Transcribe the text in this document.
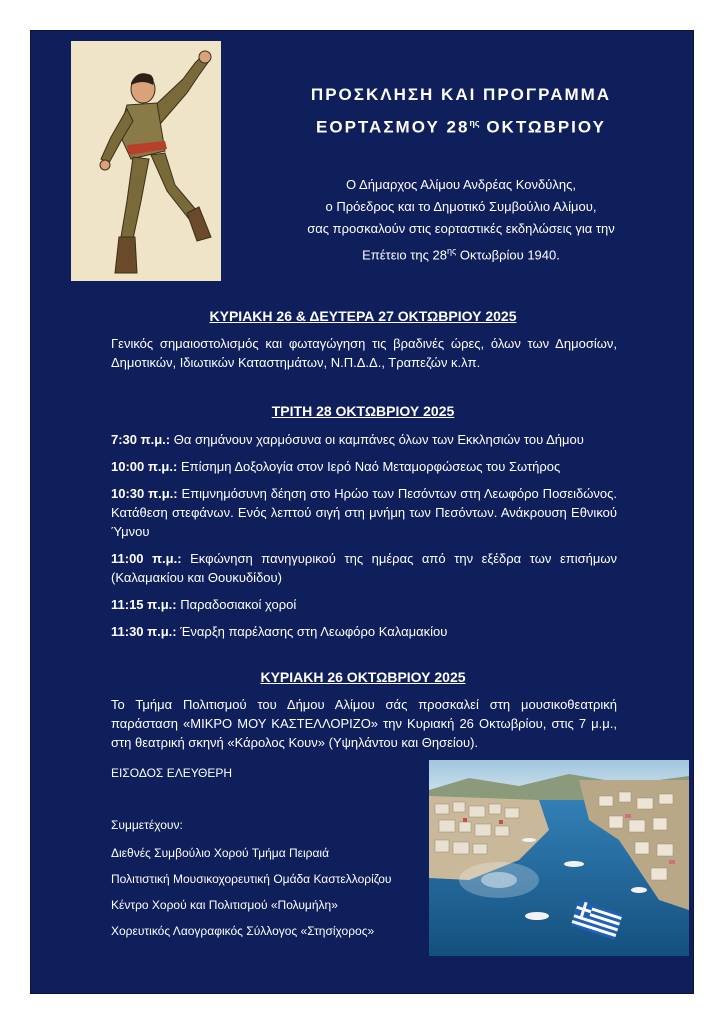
ΠΡΟΣΚΛΗΣΗ ΚΑΙ ΠΡΟΓΡΑΜΜΑ
ΕΟΡΤΑΣΜΟΥ $28^{\eta\varsigma}$ ΟΚΤΩΒΡΙΟΥ
Ο Δήμαρχος Αλίμου Ανδρέας Κονδύλης,
ο Πρόεδρος και το Δημοτικό Συμβούλιο Αλίμου,
σας προσκαλούν στις εορταστικές εκδηλώσεις για την
Επέτειο της $28^{\eta\varsigma}$ Οκτωβρίου 1940.
ΚΥΡΙΑΚΗ 26 & ΔΕΥΤΕΡΑ 27 ΟΚΤΩΒΡΙΟΥ 2025
Γενικός σημαιοστολισμός και φωταγώγηση τις βραδινές ώρες, όλων των Δημοσίων, Δημοτικών, Ιδιωτικών Καταστημάτων, Ν.Π.Δ.Δ., Τραπεζών κ.λπ.
ΤΡΙΤΗ 28 ΟΚΤΩΒΡΙΟΥ 2025
7:30 π.μ.: Θα σημάνουν χαρμόσυνα οι καμπάνες όλων των Εκκλησιών του Δήμου
10:00 π.μ.: Επίσημη Δοξολογία στον Ιερό Ναό Μεταμορφώσεως του Σωτήρος
10:30 π.μ.: Επιμνημόσυνη δέηση στο Ηρώο των Πεσόντων στη Λεωφόρο Ποσειδώνος. Κατάθεση στεφάνων. Ενός λεπτού σιγή στη μνήμη των Πεσόντων. Ανάκρουση Εθνικού Ύμνου
11:00 π.μ.: Εκφώνηση πανηγυρικού της ημέρας από την εξέδρα των επισήμων (Καλαμακίου και Θουκυδίδου)
11:15 π.μ.: Παραδοσιακοί χοροί
11:30 π.μ.: Έναρξη παρέλασης στη Λεωφόρο Καλαμακίου
ΚΥΡΙΑΚΗ 26 ΟΚΤΩΒΡΙΟΥ 2025
Το Τμήμα Πολιτισμού του Δήμου Αλίμου σάς προσκαλεί στη μουσικοθεατρική παράσταση «ΜΙΚΡΟ ΜΟΥ ΚΑΣΤΕΛΛΟΡΙΖΟ» την Κυριακή 26 Οκτωβρίου, στις 7 μ.μ., στη θεατρική σκηνή «Κάρολος Κουν» (Υψηλάντου και Θησείου).
ΕΙΣΟΔΟΣ ΕΛΕΥΘΕΡΗ
Συμμετέχουν:
Διεθνές Συμβούλιο Χορού Τμήμα Πειραιά
Πολιτιστική Μουσικοχορευτική Ομάδα Καστελλορίζου
Κέντρο Χορού και Πολιτισμού «Πολυμήλη»
Χορευτικός Λαογραφικός Σύλλογος «Στησίχορος»
